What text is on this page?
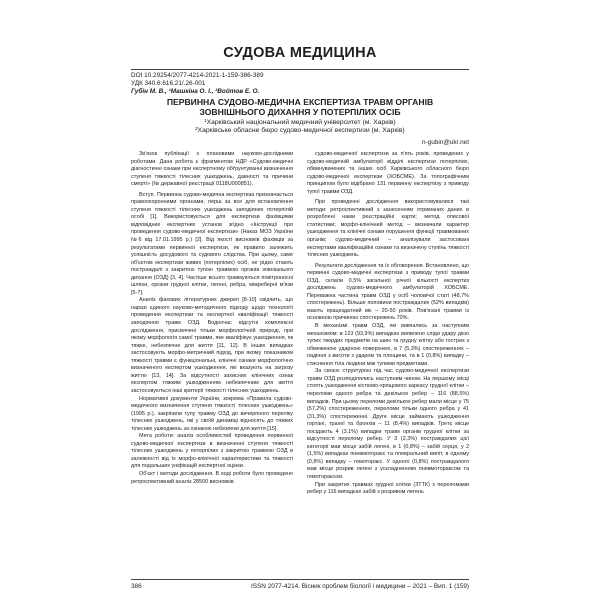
СУДОВА МЕДИЦИНА
DOI 10.29254/2077-4214-2021-1-159-386-389
УДК 340.6:616.21/.26-001
Губін М. В., ¹Машкіна О. І., ²Войтов Е. О.
ПЕРВИННА СУДОВО-МЕДИЧНА ЕКСПЕРТИЗА ТРАВМ ОРГАНІВ
ЗОВНІШНЬОГО ДИХАННЯ У ПОТЕРПІЛИХ ОСІБ
¹Харківський національний медичний університет (м. Харків)
²Харківське обласне бюро судово-медичної експертизи (м. Харків)
n-gubin@ukr.net

Зв'язок публікації з плановими науково-дослідними роботами. Дана робота є фрагментом НДР «Судово-медичні діагностичні ознаки при експертному обґрунтуванні визначення ступеня тяжкості тілесних ушкоджень, давності та причини смерті» (№ державної реєстрації 0118U000851).

Вступ. Первинна судово-медична експертиза призначається правоохоронними органами, перш за все для встановлення ступеня тяжкості тілесних ушкоджень заподіяних потерпілій особі [1]. Використовується для експертизи фахівцями відповідних експертних установ згідно «Інструкції про проведення судово-медичної експертизи» (Наказ МОЗ України №6 від 17.01.1995 р.) [2]. Від якості висновків фахівців за результатами первинної експертизи, як правило залежить успішність досудового та судового слідства. При цьому, саме об'єктом експертизи живих (потерпілих) осіб, не рідко стають постраждалі з закритою тупою травмою органів зовнішнього дихання (ОЗД) [3, 4]. Частіше всього травмуються повітроносні шляхи, органи грудної клітки, легені, ребра, міжреберні м'язи [5-7].

Аналіз фахових літературних джерел [8-10] свідчить, що наразі єдиного науково-методичного підходу щодо технології проведення експертизи та експертної кваліфікації тяжкості заподіяння травм ОЗД. Водночас відсутні комплексні дослідження, присвячені тільки морфологічній природі, при якому морфологія самої травми, яке кваліфікує ушкодження, як тяжке, небезпечне для життя [11, 12]. В інших випадках застосовують морфо-метричний підхід, при якому показником тяжкості травми є функціональні, клінічні ознаки морфологічно визначеного експертом ушкодження, які вказують на загрозу життю [13, 14]. За відсутності захисних клінічних ознак експертом тяжким ушкодженням небезпечним для життя застосовуються інші критерії тяжкості тілесних ушкоджень.

Нормативні документи України, зокрема «Правила судово-медичного визначення ступеня тяжкості тілесних ушкоджень» (1995 р.), закріпили тупу травму ОЗД до вичерпного переліку тілесних ушкоджень, які у своїй динаміці відносять до тяжких тілесних ушкоджень за ознакою небезпеки для життя [15].

Мета роботи: аналіз особливостей проведення первинної судово-медичної експертизи в визначенні ступеня тяжкості тілесних ушкоджень у потерпілих з закритою травмою ОЗД в залежності від їх морфо-клінічної характеристики та тяжкості для подальших уніфікацій експертної оцінки.

Об'єкт і методи дослідження. В ході роботи було проведено ретроспективний аналіз 28500 висновків

судово-медичної експертизи за п'ять років, проведених у судово-медичній амбулаторії відділі експертизи потерпілих, обвинувачених та інших осіб Харківського обласного бюро судово-медичної експертизи (ХОБСМЕ). За топографічним принципом було відібрано 131 первинну експертизу з приводу тупої травми ОЗД.

При проведенні дослідження використовувалися такі методи: ретроспективний з занесенням отриманих даних в розроблені нами реєстраційні карти; метод описової статистики; морфо-клінічний метод – визначали характер ушкодження та клінічні ознаки порушення функції травмованих органів; судово-медичний – аналізували застосовані експертами кваліфікаційні ознаки та визначену ступінь тяжкості тілесних ушкоджень.

Результати дослідження та їх обговорення. Встановлено, що первинні судово-медичні експертизи з приводу тупої травми ОЗД, склали 0,5% загальної річної кількості експертиз досліджень судово-медичного амбулаторій ХОБСМЕ. Переважна частина травм ОЗД у осіб чоловічої статі (48,7% спостережень). Більше половини постраждалих (52% випадків) мають працездатний вік – 20-50 років. Пов'язані травми із основною причиною спостережень 70%.

В механізмі травм ОЗД, які вивчались за наступним механізмом: в 123 (93,9%) випадках виявлено сліди удару дією тупих твердих предметів на шию та грудну клітку або гострих з обмеженою ударною поверхнею, в 7 (5,3%) спостереженнях – падіння з висоти з ударом та площини, та в 1 (0,8%) випадку – стиснення тіла людини між тупими предметами.

За своєю структурою під час судово-медичної експертизи травм ОЗД розподілялись наступним чином. На першому місці стоять ушкодження кістково-хрящового каркасу грудної клітки – переломи одного ребра та декількох ребер – 116 (88,5%) випадків. При цьому переломи декількох ребер мали місце у 75 (57,2%) спостереженнях, переломи тільки одного ребра у 41 (31,3%) спостереженні. Друге місце займають ушкодження гортані, трахеї та бронхів – 11 (8,4%) випадків. Третє місце посідають 4 (3,1%) випадки травм органів грудної клітки за відсутності перелому ребер. У 3 (2,3%) постраждалих цієї категорії мав місце забій легені, в 1 (0,8%) – забій серця, у 2 (1,5%) випадках пневмоторакс та плевральний випіт, в одному (0,8%) випадку – гемоторакс. У одного (0,8%) постраждалого мав місце розрив легені з ускладненням пневмотораксом та гемотораксом.

При закритих травмах грудної клітки (ЗТТК) з переломами ребер у 116 випадках забій з розривом легень

386	ISSN 2077-4214. Вісник проблем біології і медицини – 2021 – Вип. 1 (159)
